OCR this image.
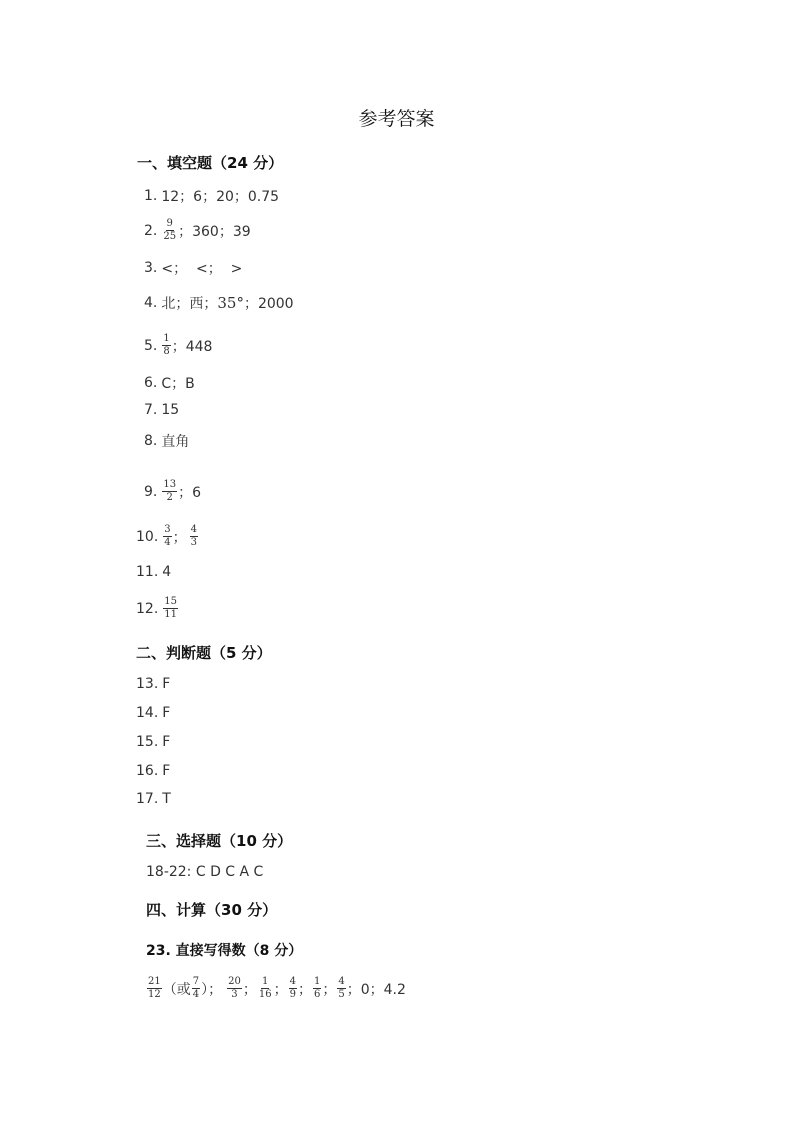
参考答案
一、填空题（24 分）
1. 12；6；20；0.75
2. $\frac{9}{25}$ ；360；39
3. <；  <；  >
4. 北；西； 35° ；2000
5. $\frac{1}{8}$ ；448
6. C；B
7. 15
8. 直角
9. $\frac{13}{2}$ ；6
10. $\frac{3}{4}$ ； $\frac{4}{3}$
11. 4
12. $\frac{15}{11}$
二、判断题（5 分）
13. F
14. F
15. F
16. F
17. T
三、选择题（10 分）
18-22: C D C A C
四、计算（30 分）
23. 直接写得数（8 分）
$\frac{21}{12}$ （或 $\frac{7}{4}$ ）； $\frac{20}{3}$ ； $\frac{1}{16}$ ； $\frac{4}{9}$ ； $\frac{1}{6}$ ； $\frac{4}{5}$ ；0；4.2
